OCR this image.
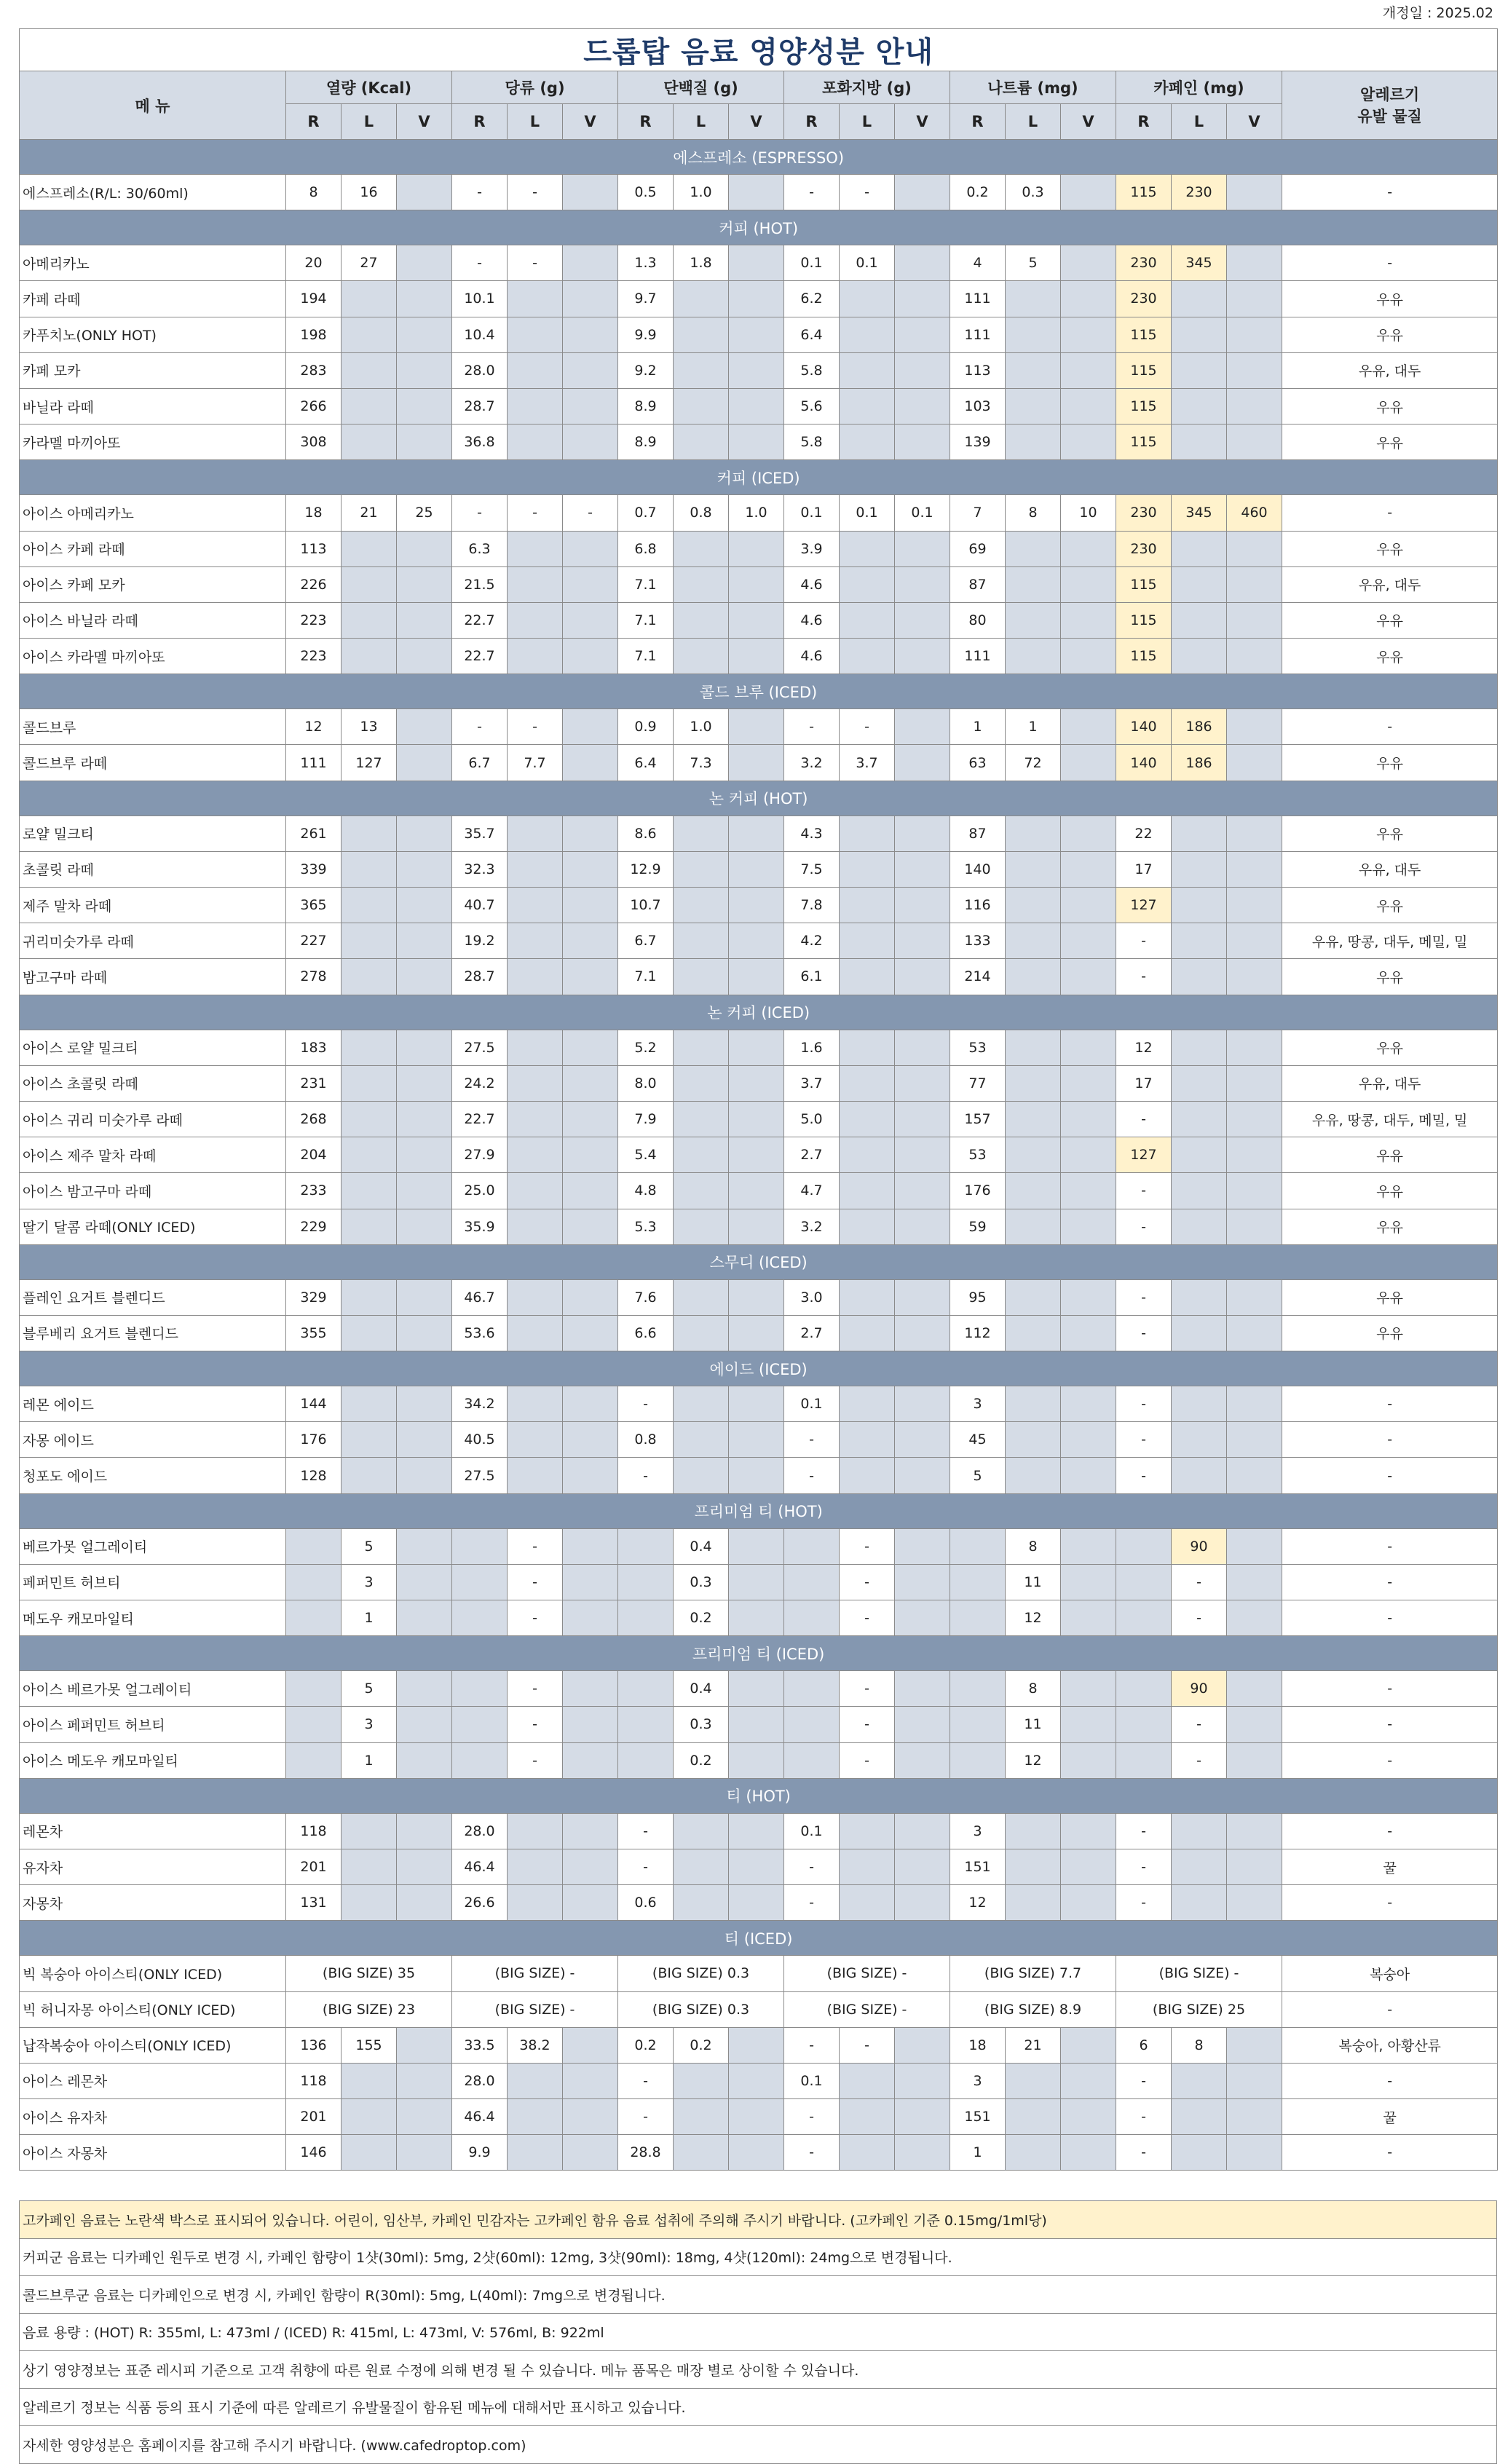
개정일 : 2025.02
드롭탑 음료 영양성분 안내																			
메 뉴	열량 (Kcal)			당류 (g)			단백질 (g)			포화지방 (g)			나트륨 (mg)			카페인 (mg)			알레르기
유발 물질
	R	L	V	R	L	V	R	L	V	R	L	V	R	L	V	R	L	V	
에스프레소 (ESPRESSO)																			
에스프레소(R/L: 30/60ml)	8	16		-	-		0.5	1.0		-	-		0.2	0.3		115	230		-
커피 (HOT)																			
아메리카노	20	27		-	-		1.3	1.8		0.1	0.1		4	5		230	345		-
카페 라떼	194			10.1			9.7			6.2			111			230			우유
카푸치노(ONLY HOT)	198			10.4			9.9			6.4			111			115			우유
카페 모카	283			28.0			9.2			5.8			113			115			우유, 대두
바닐라 라떼	266			28.7			8.9			5.6			103			115			우유
카라멜 마끼아또	308			36.8			8.9			5.8			139			115			우유
커피 (ICED)																			
아이스 아메리카노	18	21	25	-	-	-	0.7	0.8	1.0	0.1	0.1	0.1	7	8	10	230	345	460	-
아이스 카페 라떼	113			6.3			6.8			3.9			69			230			우유
아이스 카페 모카	226			21.5			7.1			4.6			87			115			우유, 대두
아이스 바닐라 라떼	223			22.7			7.1			4.6			80			115			우유
아이스 카라멜 마끼아또	223			22.7			7.1			4.6			111			115			우유
콜드 브루 (ICED)																			
콜드브루	12	13		-	-		0.9	1.0		-	-		1	1		140	186		-
콜드브루 라떼	111	127		6.7	7.7		6.4	7.3		3.2	3.7		63	72		140	186		우유
논 커피 (HOT)																			
로얄 밀크티	261			35.7			8.6			4.3			87			22			우유
초콜릿 라떼	339			32.3			12.9			7.5			140			17			우유, 대두
제주 말차 라떼	365			40.7			10.7			7.8			116			127			우유
귀리미숫가루 라떼	227			19.2			6.7			4.2			133			-			우유, 땅콩, 대두, 메밀, 밀
밤고구마 라떼	278			28.7			7.1			6.1			214			-			우유
논 커피 (ICED)																			
아이스 로얄 밀크티	183			27.5			5.2			1.6			53			12			우유
아이스 초콜릿 라떼	231			24.2			8.0			3.7			77			17			우유, 대두
아이스 귀리 미숫가루 라떼	268			22.7			7.9			5.0			157			-			우유, 땅콩, 대두, 메밀, 밀
아이스 제주 말차 라떼	204			27.9			5.4			2.7			53			127			우유
아이스 밤고구마 라떼	233			25.0			4.8			4.7			176			-			우유
딸기 달콤 라떼(ONLY ICED)	229			35.9			5.3			3.2			59			-			우유
스무디 (ICED)																			
플레인 요거트 블렌디드	329			46.7			7.6			3.0			95			-			우유
블루베리 요거트 블렌디드	355			53.6			6.6			2.7			112			-			우유
에이드 (ICED)																			
레몬 에이드	144			34.2			-			0.1			3			-			-
자몽 에이드	176			40.5			0.8			-			45			-			-
청포도 에이드	128			27.5			-			-			5			-			-
프리미엄 티 (HOT)																			
베르가못 얼그레이티		5			-			0.4			-			8			90		-
페퍼민트 허브티		3			-			0.3			-			11			-		-
메도우 캐모마일티		1			-			0.2			-			12			-		-
프리미엄 티 (ICED)																			
아이스 베르가못 얼그레이티		5			-			0.4			-			8			90		-
아이스 페퍼민트 허브티		3			-			0.3			-			11			-		-
아이스 메도우 캐모마일티		1			-			0.2			-			12			-		-
티 (HOT)																			
레몬차	118			28.0			-			0.1			3			-			-
유자차	201			46.4			-			-			151			-			꿀
자몽차	131			26.6			0.6			-			12			-			-
티 (ICED)																			
빅 복숭아 아이스티(ONLY ICED)	(BIG SIZE) 35			(BIG SIZE) -			(BIG SIZE) 0.3			(BIG SIZE) -			(BIG SIZE) 7.7			(BIG SIZE) -			복숭아
빅 허니자몽 아이스티(ONLY ICED)	(BIG SIZE) 23			(BIG SIZE) -			(BIG SIZE) 0.3			(BIG SIZE) -			(BIG SIZE) 8.9			(BIG SIZE) 25			-
납작복숭아 아이스티(ONLY ICED)	136	155		33.5	38.2		0.2	0.2		-	-		18	21		6	8		복숭아, 아황산류
아이스 레몬차	118			28.0			-			0.1			3			-			-
아이스 유자차	201			46.4			-			-			151			-			꿀
아이스 자몽차	146			9.9			28.8			-			1			-			-
고카페인 음료는 노란색 박스로 표시되어 있습니다. 어린이, 임산부, 카페인 민감자는 고카페인 함유 음료 섭취에 주의해 주시기 바랍니다. (고카페인 기준 0.15mg/1ml당)
커피군 음료는 디카페인 원두로 변경 시, 카페인 함량이 1샷(30ml): 5mg, 2샷(60ml): 12mg, 3샷(90ml): 18mg, 4샷(120ml): 24mg으로 변경됩니다.
콜드브루군 음료는 디카페인으로 변경 시, 카페인 함량이 R(30ml): 5mg, L(40ml): 7mg으로 변경됩니다.
음료 용량 : (HOT) R: 355ml, L: 473ml / (ICED) R: 415ml, L: 473ml, V: 576ml, B: 922ml
상기 영양정보는 표준 레시피 기준으로 고객 취향에 따른 원료 수정에 의해 변경 될 수 있습니다. 메뉴 품목은 매장 별로 상이할 수 있습니다.
알레르기 정보는 식품 등의 표시 기준에 따른 알레르기 유발물질이 함유된 메뉴에 대해서만 표시하고 있습니다.
자세한 영양성분은 홈페이지를 참고해 주시기 바랍니다. (www.cafedroptop.com)
